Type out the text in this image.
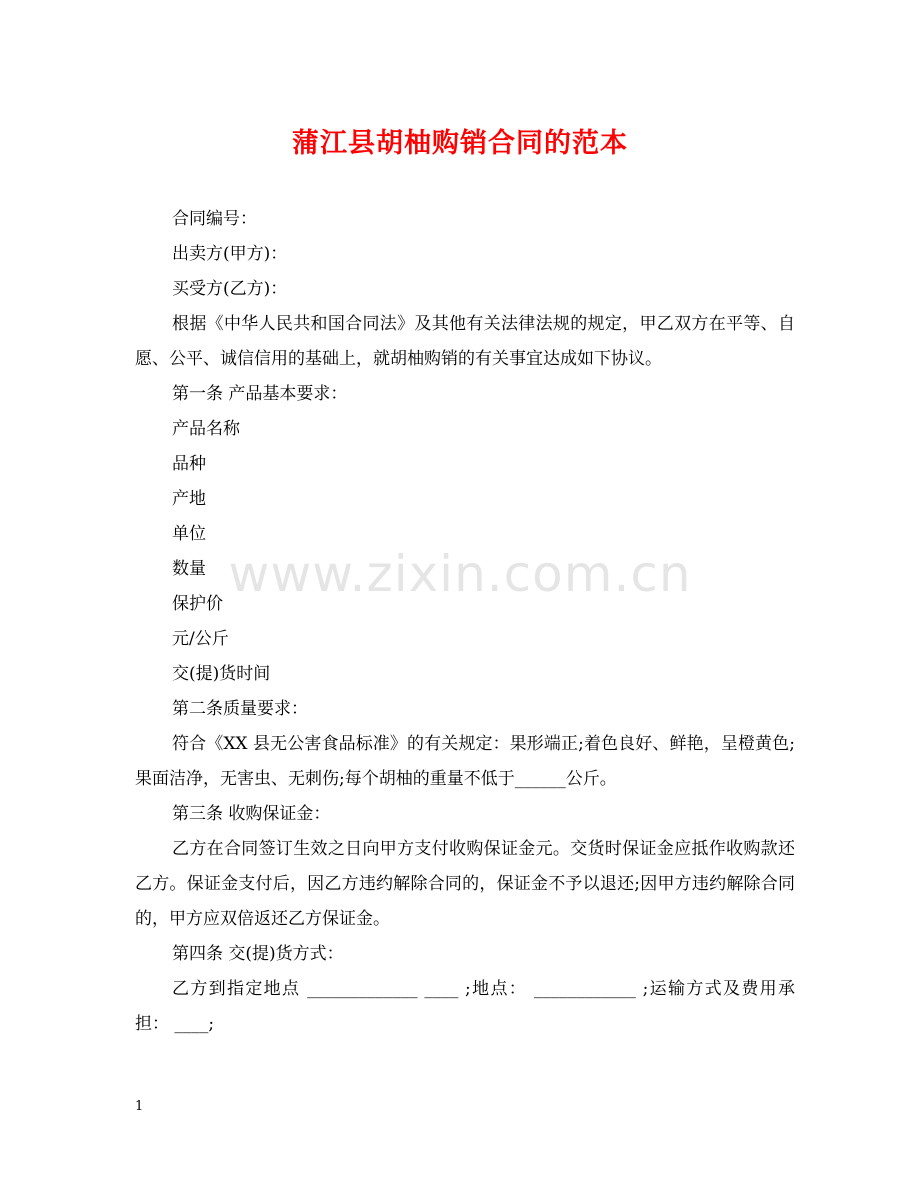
蒲江县胡柚购销合同的范本

合同编号：

出卖方(甲方)：

买受方(乙方)：

根据《中华人民共和国合同法》及其他有关法律法规的规定，甲乙双方在平等、自愿、公平、诚信信用的基础上，就胡柚购销的有关事宜达成如下协议。

第一条 产品基本要求：

产品名称

品种

产地

单位

数量

保护价

元/公斤

交(提)货时间

第二条质量要求：

符合《XX 县无公害食品标准》的有关规定：果形端正;着色良好、鲜艳，呈橙黄色;果面洁净，无害虫、无刺伤;每个胡柚的重量不低于______公斤。

第三条 收购保证金：

乙方在合同签订生效之日向甲方支付收购保证金元。交货时保证金应抵作收购款还乙方。保证金支付后，因乙方违约解除合同的，保证金不予以退还;因甲方违约解除合同的，甲方应双倍返还乙方保证金。

第四条 交(提)货方式：

乙方到指定地点 _____________ ____ ;地点： ____________ ;运输方式及费用承担： ____;

www.zixin.com.cn
1
